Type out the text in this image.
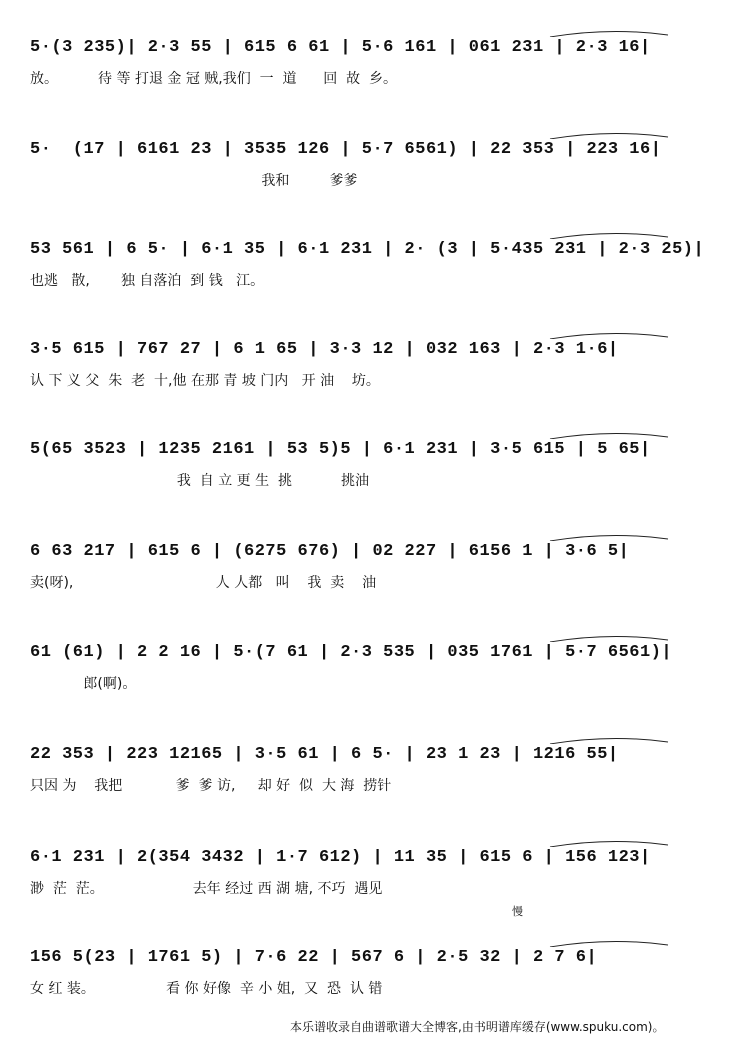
5·(3 235)| 2·3 55 | 615 6 61 | 5·6 161 | 061 231 | 2·3 16|
放。         待 等 打退 金 冠 贼,我们  一  道      回  故  乡。
5·  (17 | 6161 23 | 3535 126 | 5·7 6561) | 22 353 | 223 16|
我和         爹爹
53 561 | 6 5· | 6·1 35 | 6·1 231 | 2· (3 | 5·435 231 | 2·3 25)|
也逃   散,       独 自落泊  到 钱   江。
3·5 615 | 767 27 | 6 1 65 | 3·3 12 | 032 163 | 2·3 1·6|
认 下 义 父  朱  老  十,他 在那 青 坡 门内   开 油    坊。
5(65 3523 | 1235 2161 | 53 5)5 | 6·1 231 | 3·5 615 | 5 65|
我  自 立 更 生  挑           挑油
6 63 217 | 615 6 | (6275 676) | 02 227 | 6156 1 | 3·6 5|
卖(呀),                                人 人都   叫    我  卖    油
61 (61) | 2 2 16 | 5·(7 61 | 2·3 535 | 035 1761 | 5·7 6561)|
郎(啊)。
22 353 | 223 12165 | 3·5 61 | 6 5· | 23 1 23 | 1216 55|
只因 为    我把            爹  爹 访,     却 好  似  大 海  捞针
6·1 231 | 2(354 3432 | 1·7 612) | 11 35 | 615 6 | 156 123|
渺  茫  茫。                    去年 经过 西 湖 塘, 不巧  遇见
156 5(23 | 1761 5) | 7·6 22 | 567 6 | 2·5 32 | 2 7 6|
女 红 装。                看 你 好像  辛 小 姐,  又  恐  认 错
慢
本乐谱收录自曲谱歌谱大全博客,由书明谱库缓存(www.spuku.com)。
